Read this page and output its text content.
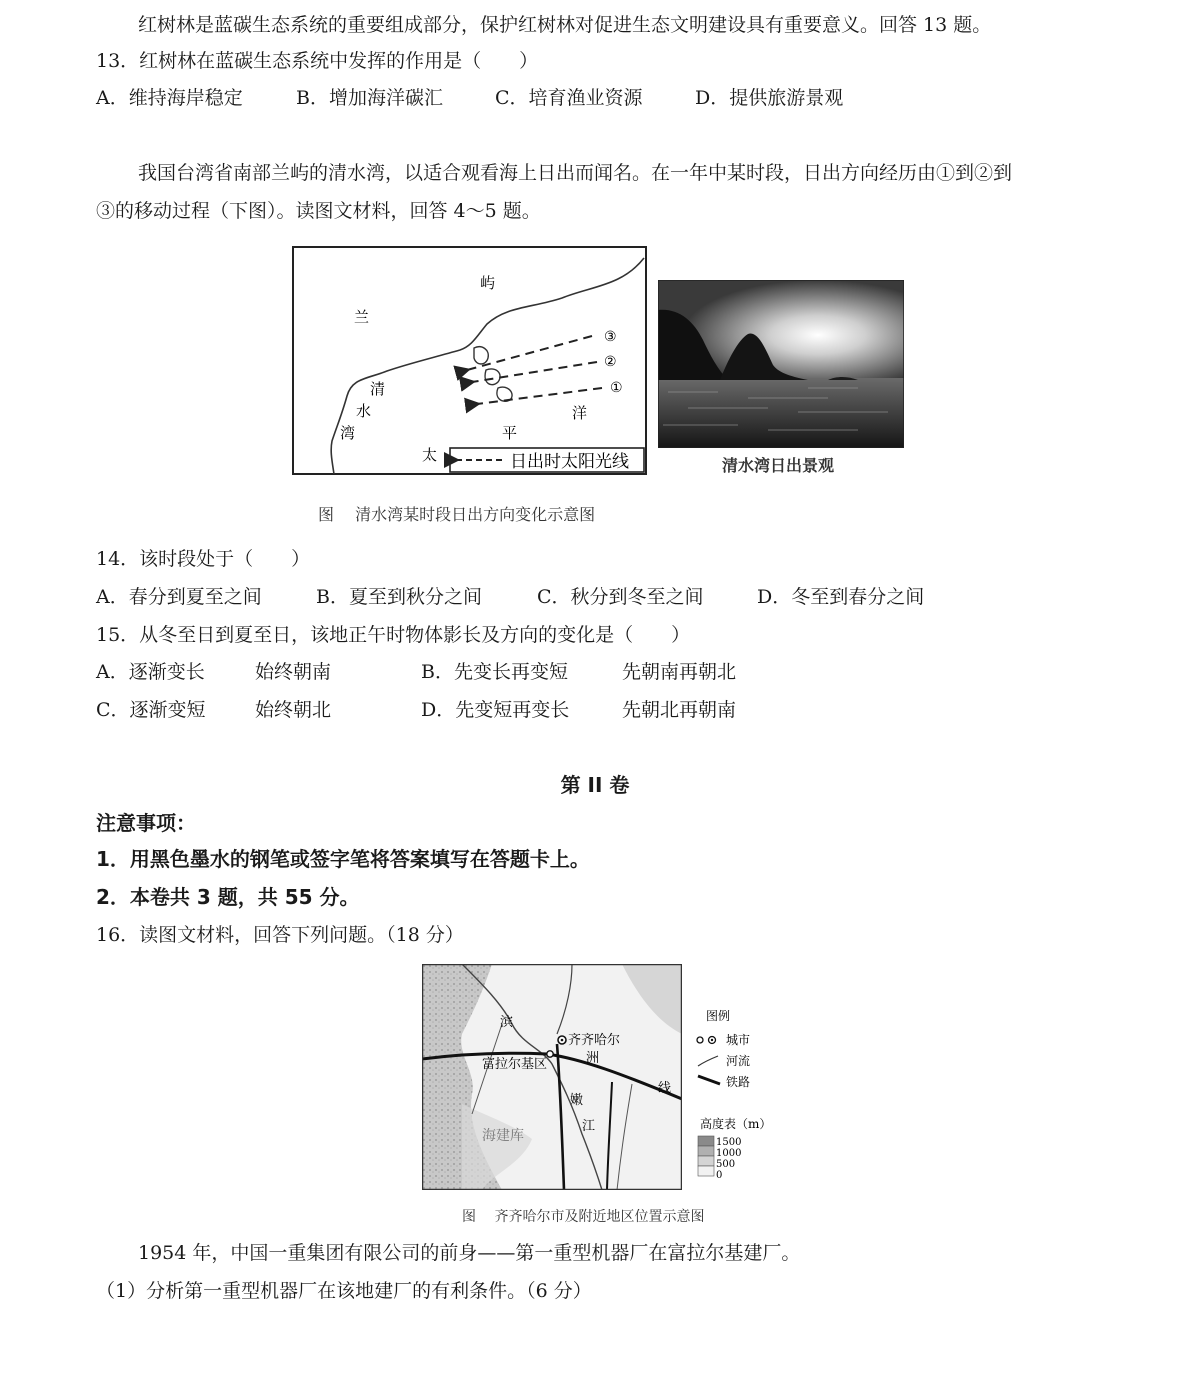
红树林是蓝碳生态系统的重要组成部分，保护红树林对促进生态文明建设具有重要意义。回答 13 题。
13．红树林在蓝碳生态系统中发挥的作用是（　　）
A．维持海岸稳定	B．增加海洋碳汇	C．培育渔业资源	D．提供旅游景观
我国台湾省南部兰屿的清水湾，以适合观看海上日出而闻名。在一年中某时段，日出方向经历由①到②到
③的移动过程（下图）。读图文材料，回答 4～5 题。
③
②
①
屿
兰
清
水
湾
洋
平
太	日出时太阳光线	清水湾日出景观
图　 清水湾某时段日出方向变化示意图
14．该时段处于（　　）
A．春分到夏至之间	B．夏至到秋分之间	C．秋分到冬至之间	D．冬至到春分之间
15．从冬至日到夏至日，该地正午时物体影长及方向的变化是（　　）
A．逐渐变长	始终朝南	B．先变长再变短	先朝南再朝北
C．逐渐变短	始终朝北	D．先变短再变长	先朝北再朝南
第 II 卷
注意事项：
1．用黑色墨水的钢笔或签字笔将答案填写在答题卡上。
2．本卷共 3 题，共 55 分。
16．读图文材料，回答下列问题。（18 分）
齐齐哈尔
富拉尔基区
滨
洲
线
嫩
江
海建库
图例
城市
河流
铁路
高度表（m）
1500
1000
500
0
图　 齐齐哈尔市及附近地区位置示意图
1954 年，中国一重集团有限公司的前身——第一重型机器厂在富拉尔基建厂。
（1）分析第一重型机器厂在该地建厂的有利条件。（6 分）
